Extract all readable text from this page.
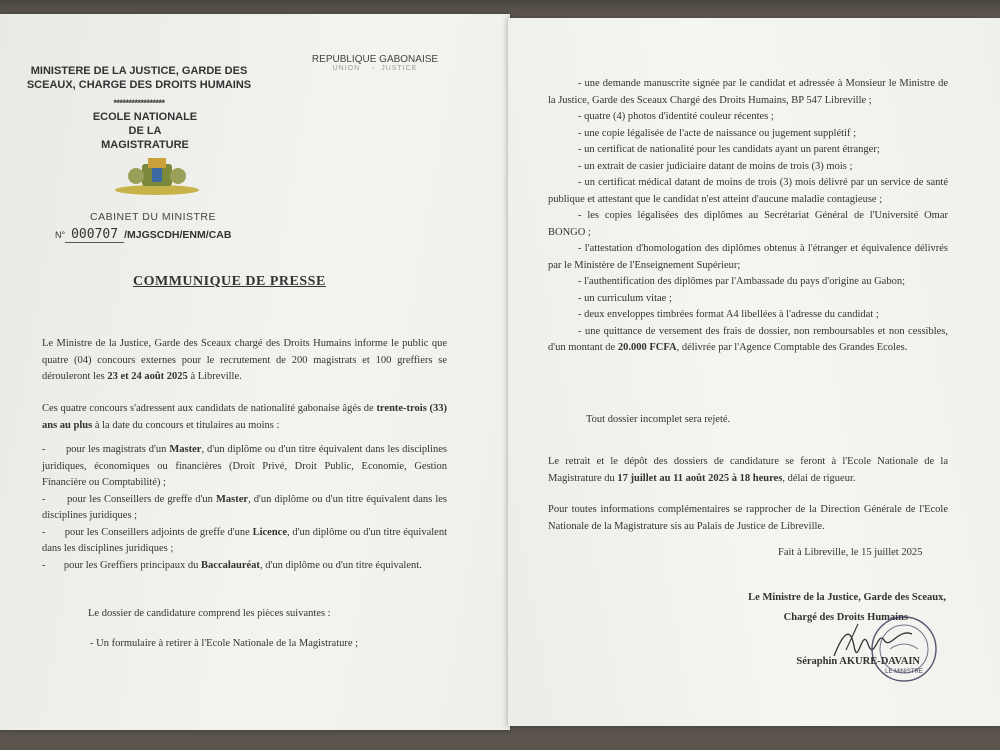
MINISTERE DE LA JUSTICE, GARDE DES SCEAUX, CHARGE DES DROITS HUMAINS
*****************
ECOLE NATIONALE DE LA MAGISTRATURE
REPUBLIQUE GABONAISE
UNION    -  JUSTICE
CABINET DU MINISTRE
N° 000707 /MJGSCDH/ENM/CAB
COMMUNIQUE DE PRESSE
Le Ministre de la Justice, Garde des Sceaux chargé des Droits Humains informe le public que quatre (04) concours externes pour le recrutement de 200 magistrats et 100 greffiers se dérouleront les 23 et 24 août 2025 à Libreville.
Ces quatre concours s'adressent aux candidats de nationalité gabonaise âgés de trente-trois (33) ans au plus à la date du concours et titulaires au moins :
-       pour les magistrats d'un Master, d'un diplôme ou d'un titre équivalent dans les disciplines juridiques, économiques ou financières (Droit Privé, Droit Public, Economie, Gestion Financière ou Comptabilité) ;
-       pour les Conseillers de greffe d'un Master, d'un diplôme ou d'un titre équivalent dans les disciplines juridiques ;
-       pour les Conseillers adjoints de greffe d'une Licence, d'un diplôme ou d'un titre équivalent dans les disciplines juridiques ;
-       pour les Greffiers principaux du Baccalauréat, d'un diplôme ou d'un titre équivalent.
Le dossier de candidature comprend les pièces suivantes :
- Un formulaire à retirer à l'Ecole Nationale de la Magistrature ;
- une demande manuscrite signée par le candidat et adressée à Monsieur le Ministre de la Justice, Garde des Sceaux Chargé des Droits Humains, BP 547 Libreville ;
- quatre (4) photos d'identité couleur récentes ;
- une copie légalisée de l'acte de naissance ou jugement supplétif ;
- un certificat de nationalité pour les candidats ayant un parent étranger;
- un extrait de casier judiciaire datant de moins de trois (3) mois ;
- un certificat médical datant de moins de trois (3) mois délivré par un service de santé publique et attestant que le candidat n'est atteint d'aucune maladie contagieuse ;
- les copies légalisées des diplômes au Secrétariat Général de l'Université Omar BONGO ;
- l'attestation d'homologation des diplômes obtenus à l'étranger et équivalence délivrés par le Ministère de l'Enseignement Supérieur;
- l'authentification des diplômes par l'Ambassade du pays d'origine au Gabon;
- un curriculum vitae ;
- deux enveloppes timbrées format A4 libellées à l'adresse du candidat ;
- une quittance de versement des frais de dossier, non remboursables et non cessibles, d'un montant de 20.000 FCFA, délivrée par l'Agence Comptable des Grandes Ecoles.
Tout dossier incomplet sera rejeté.
Le retrait et le dépôt des dossiers de candidature se feront à l'Ecole Nationale de la Magistrature du 17 juillet au 11 août 2025 à 18 heures, délai de rigueur.
Pour toutes informations complémentaires se rapprocher de la Direction Générale de l'Ecole Nationale de la Magistrature sis au Palais de Justice de Libreville.
Fait à Libreville, le 15 juillet 2025
Le Ministre de la Justice, Garde des Sceaux,
Chargé des Droits Humains
LE MINISTRE
Séraphin AKURE-DAVAIN
